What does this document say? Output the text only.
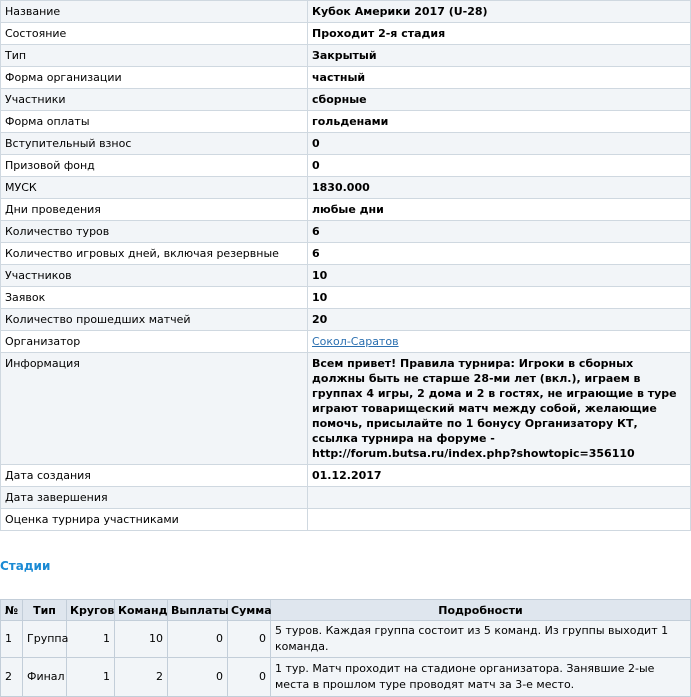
Название	Кубок Америки 2017 (U-28)
Состояние	Проходит 2-я стадия
Тип	Закрытый
Форма организации	частный
Участники	сборные
Форма оплаты	гольденами
Вступительный взнос	0
Призовой фонд	0
МУСК	1830.000
Дни проведения	любые дни
Количество туров	6
Количество игровых дней, включая резервные	6
Участников	10
Заявок	10
Количество прошедших матчей	20
Организатор	Сокол-Саратов
Информация	Всем привет! Правила турнира: Игроки в сборных должны быть не старше 28-ми лет (вкл.), играем в группах 4 игры, 2 дома и 2 в гостях, не играющие в туре играют товарищеский матч между собой, желающие помочь, присылайте по 1 бонусу Организатору КТ, ссылка турнира на форуме - http://forum.butsa.ru/index.php?showtopic=356110
Дата создания	01.12.2017
Дата завершения	
Оценка турнира участниками	
Стадии
№	Тип	Кругов	Команд	Выплаты	Сумма	Подробности
1	Группа	1	10	0	0	5 туров. Каждая группа состоит из 5 команд. Из группы выходит 1 команда.
2	Финал	1	2	0	0	1 тур. Матч проходит на стадионе организатора. Занявшие 2-ые места в прошлом туре проводят матч за 3-е место.
